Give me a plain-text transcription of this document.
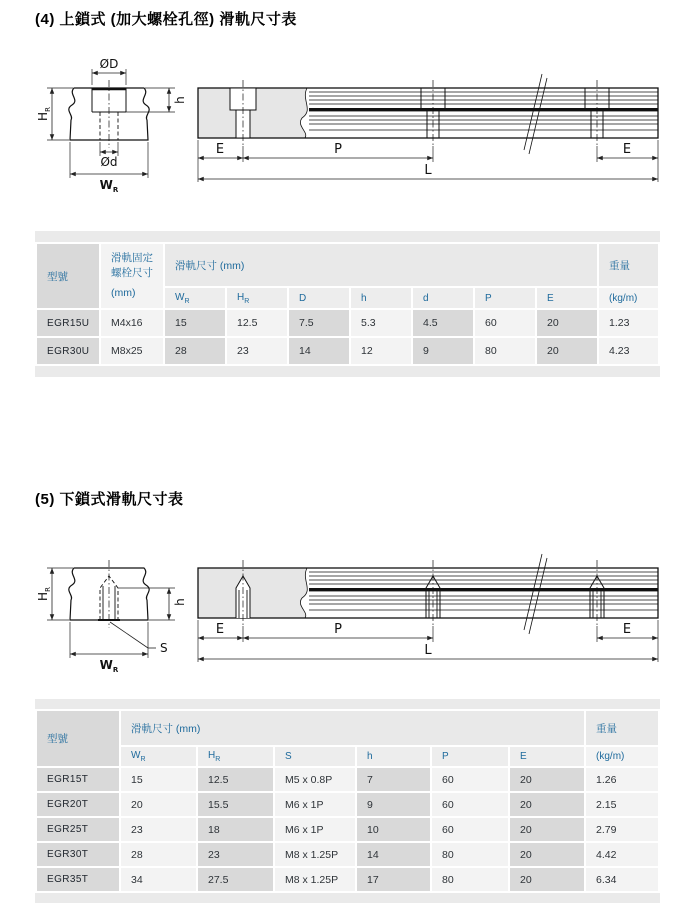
(4) 上鎖式 (加大螺栓孔徑) 滑軌尺寸表
ØD
$H_R$
h
Ød
$W_R$
E	P	E
L
型號	滑軌固定
螺栓尺寸
(mm)	滑軌尺寸 (mm)							重量
		$W_R$	$H_R$	D	h	d	P	E	(kg/m)
EGR15U	M4x16	15	12.5	7.5	5.3	4.5	60	20	1.23
EGR30U	M8x25	28	23	14	12	9	80	20	4.23
(5) 下鎖式滑軌尺寸表
$H_R$
h
$W_R$
S
E	P	E
L
型號	滑軌尺寸 (mm)						重量
	$W_R$	$H_R$	S	h	P	E	(kg/m)
EGR15T	15	12.5	M5 x 0.8P	7	60	20	1.26
EGR20T	20	15.5	M6 x 1P	9	60	20	2.15
EGR25T	23	18	M6 x 1P	10	60	20	2.79
EGR30T	28	23	M8 x 1.25P	14	80	20	4.42
EGR35T	34	27.5	M8 x 1.25P	17	80	20	6.34
